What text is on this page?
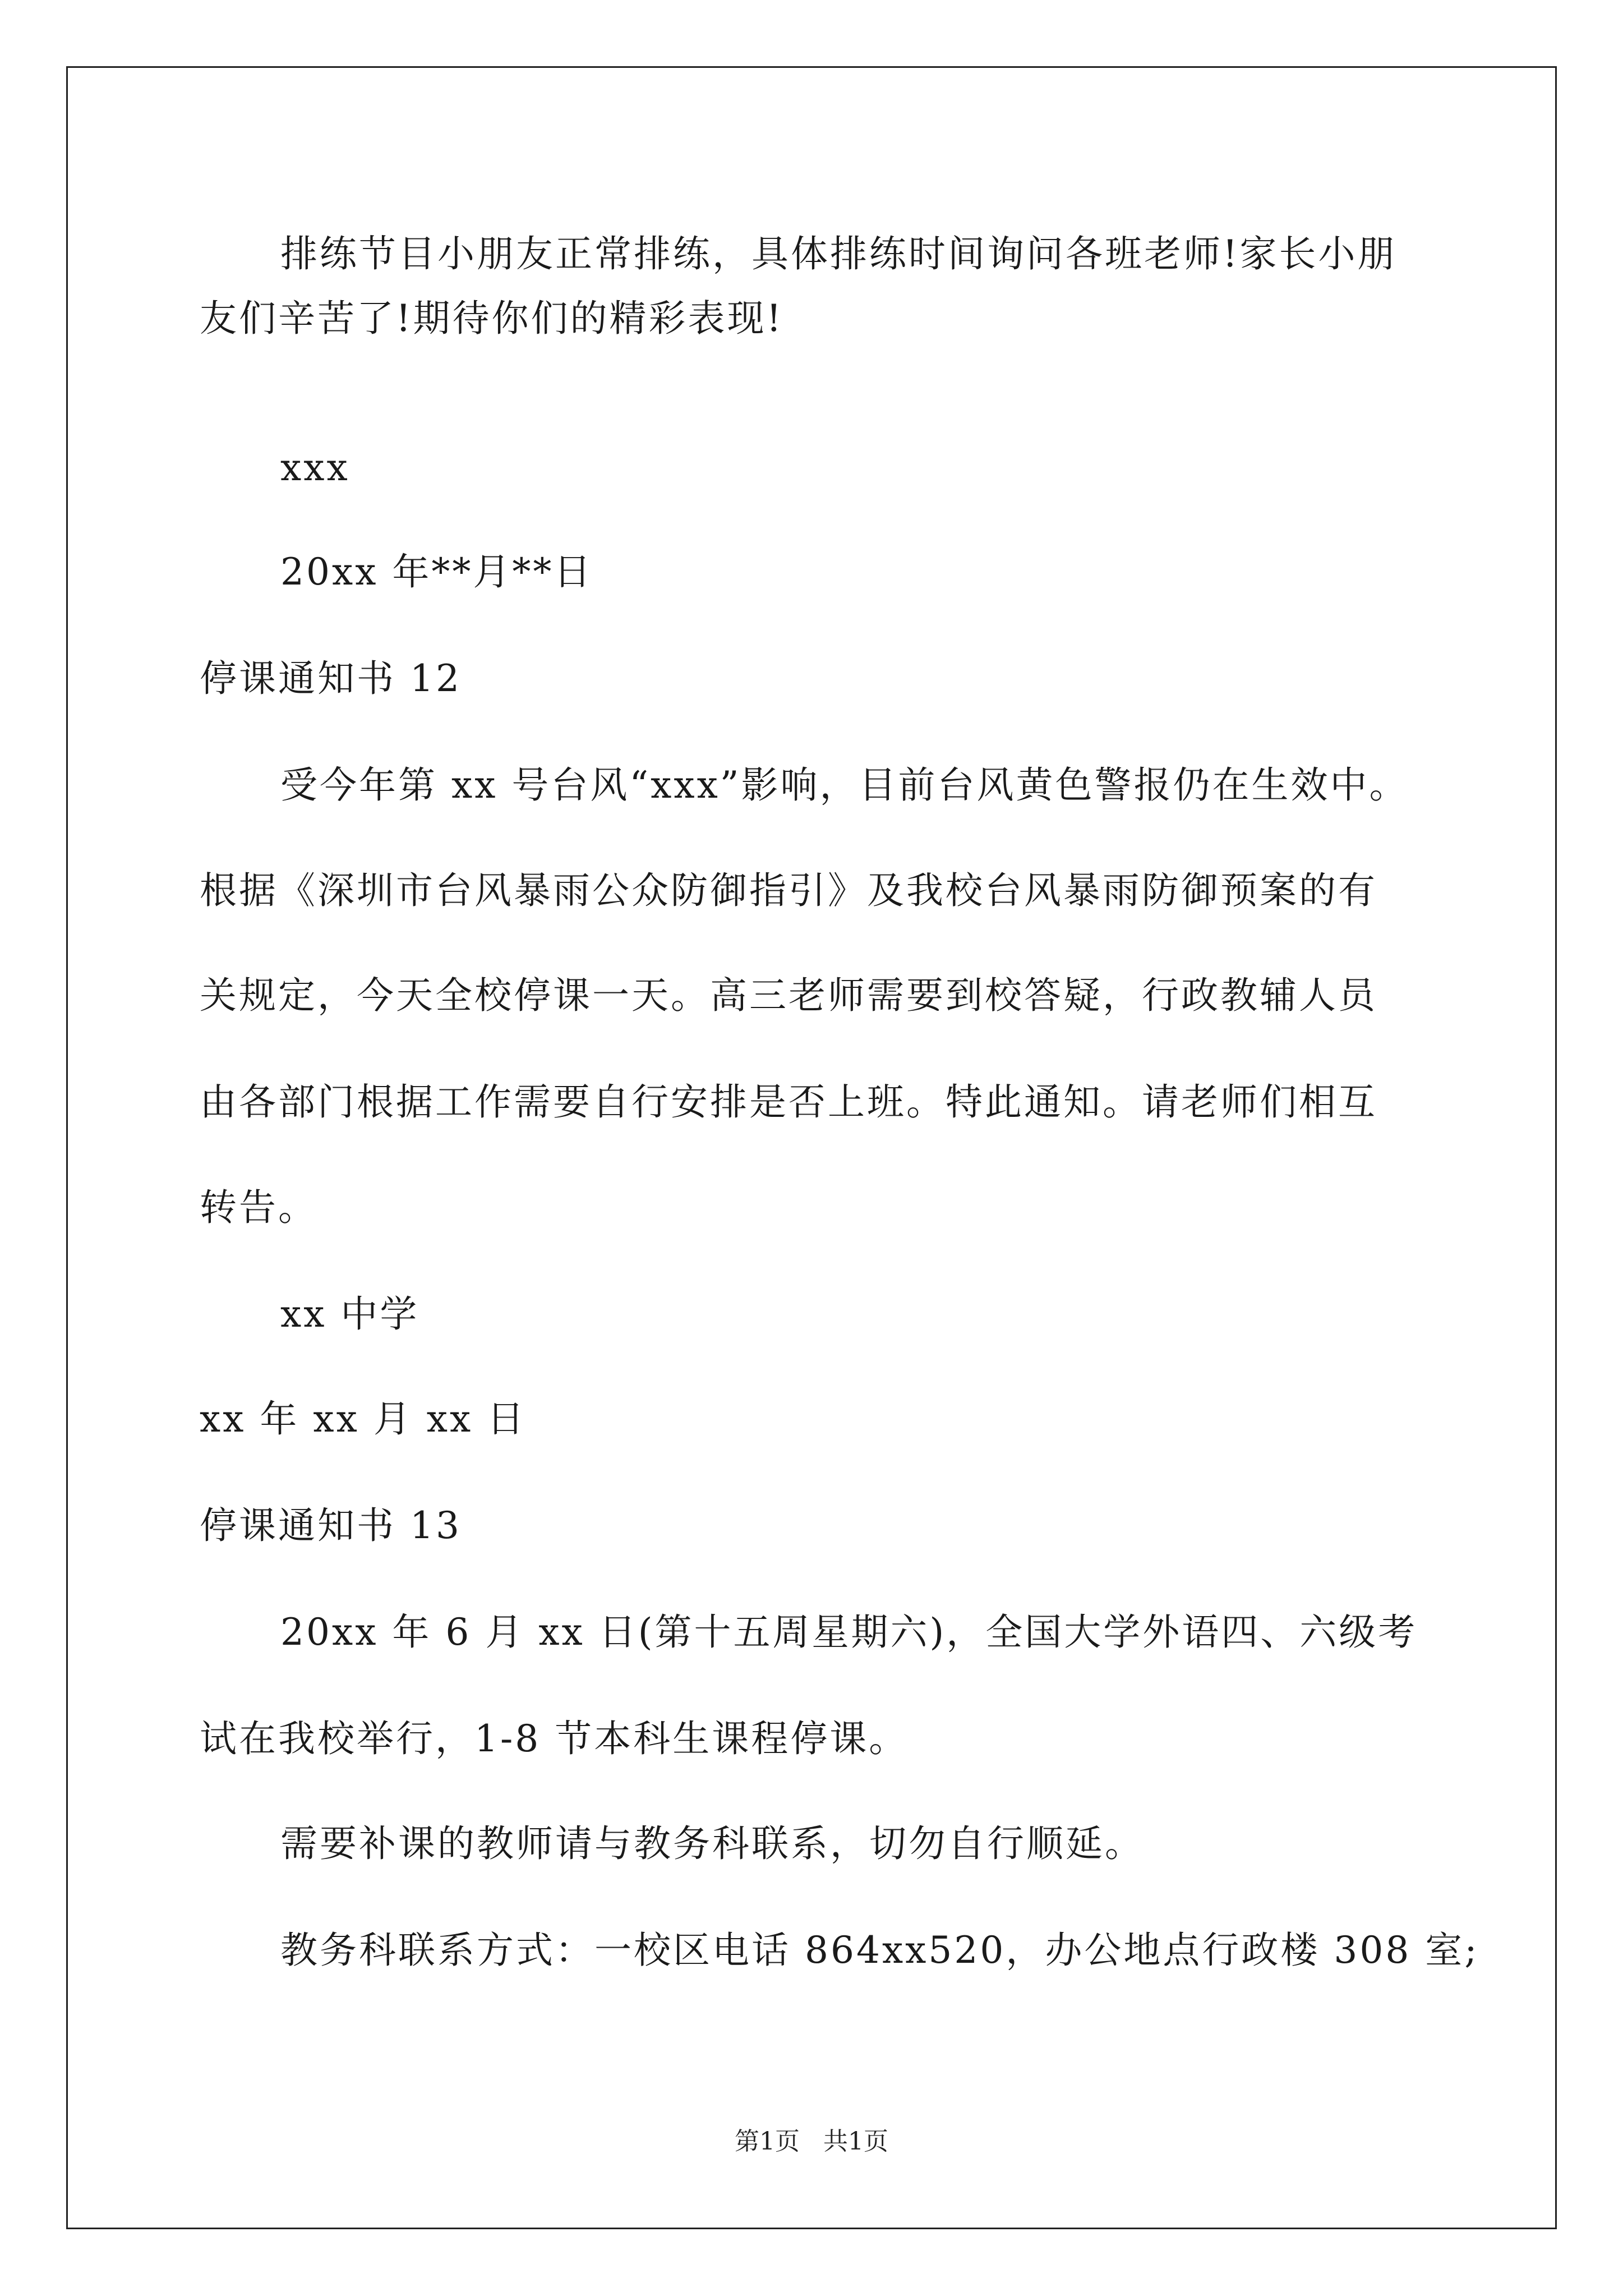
排练节目小朋友正常排练，具体排练时间询问各班老师!家长小朋
友们辛苦了!期待你们的精彩表现!
xxx
20xx 年**月**日
停课通知书 12
受今年第 xx 号台风“xxx”影响，目前台风黄色警报仍在生效中。
根据《深圳市台风暴雨公众防御指引》及我校台风暴雨防御预案的有
关规定，今天全校停课一天。高三老师需要到校答疑，行政教辅人员
由各部门根据工作需要自行安排是否上班。特此通知。请老师们相互
转告。
xx 中学
xx 年 xx 月 xx 日
停课通知书 13
20xx 年 6 月 xx 日(第十五周星期六)，全国大学外语四、六级考
试在我校举行，1-8 节本科生课程停课。
需要补课的教师请与教务科联系，切勿自行顺延。
教务科联系方式：一校区电话 864xx520，办公地点行政楼 308 室;
第1页   共1页
